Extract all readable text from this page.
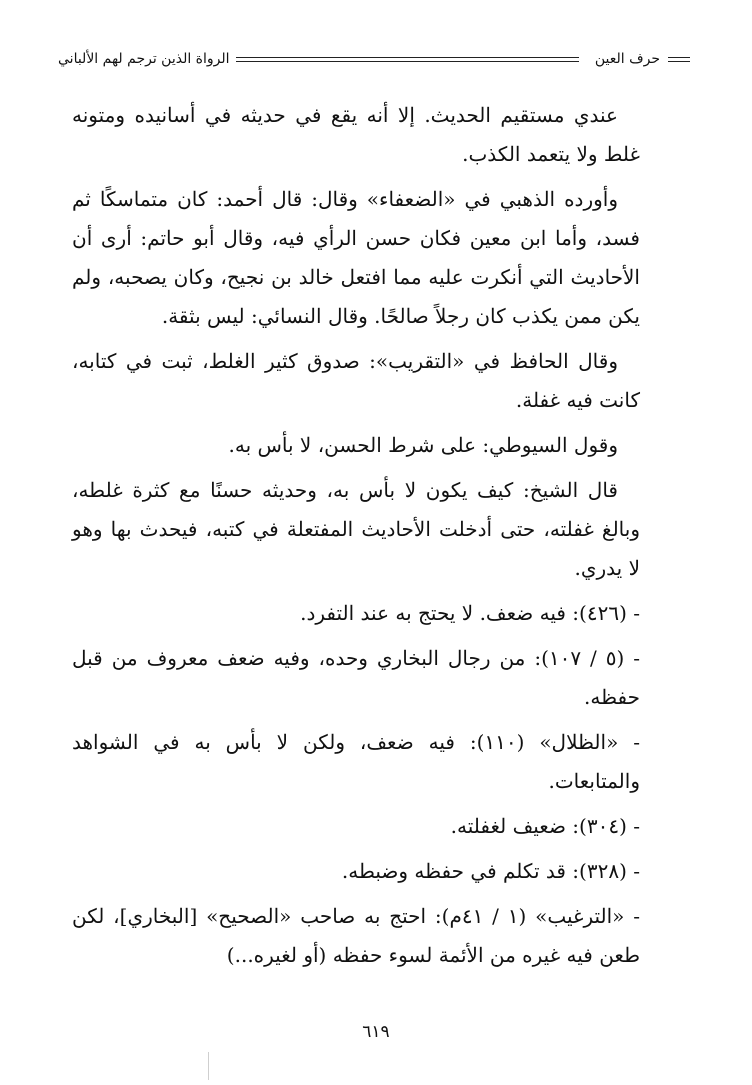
حرف العين
الرواة الذين ترجم لهم الألباني

عندي مستقيم الحديث. إلا أنه يقع في حديثه في أسانيده ومتونه غلط ولا يتعمد الكذب.

وأورده الذهبي في «الضعفاء» وقال: قال أحمد: كان متماسكًا ثم فسد، وأما ابن معين فكان حسن الرأي فيه، وقال أبو حاتم: أرى أن الأحاديث التي أنكرت عليه مما افتعل خالد بن نجيح، وكان يصحبه، ولم يكن ممن يكذب كان رجلاً صالحًا. وقال النسائي: ليس بثقة.

وقال الحافظ في «التقريب»: صدوق كثير الغلط، ثبت في كتابه، كانت فيه غفلة.

وقول السيوطي: على شرط الحسن، لا بأس به.

قال الشيخ: كيف يكون لا بأس به، وحديثه حسنًا مع كثرة غلطه، وبالغ غفلته، حتى أدخلت الأحاديث المفتعلة في كتبه، فيحدث بها وهو لا يدري.

- (٤٢٦): فيه ضعف. لا يحتج به عند التفرد.

- (٥ / ١٠٧): من رجال البخاري وحده، وفيه ضعف معروف من قبل حفظه.

- «الظلال» (١١٠): فيه ضعف، ولكن لا بأس به في الشواهد والمتابعات.

- (٣٠٤): ضعيف لغفلته.

- (٣٢٨): قد تكلم في حفظه وضبطه.

- «الترغيب» (١ / ٤١م): احتج به صاحب «الصحيح» [البخاري]، لكن طعن فيه غيره من الأئمة لسوء حفظه (أو لغيره...)

٦١٩
